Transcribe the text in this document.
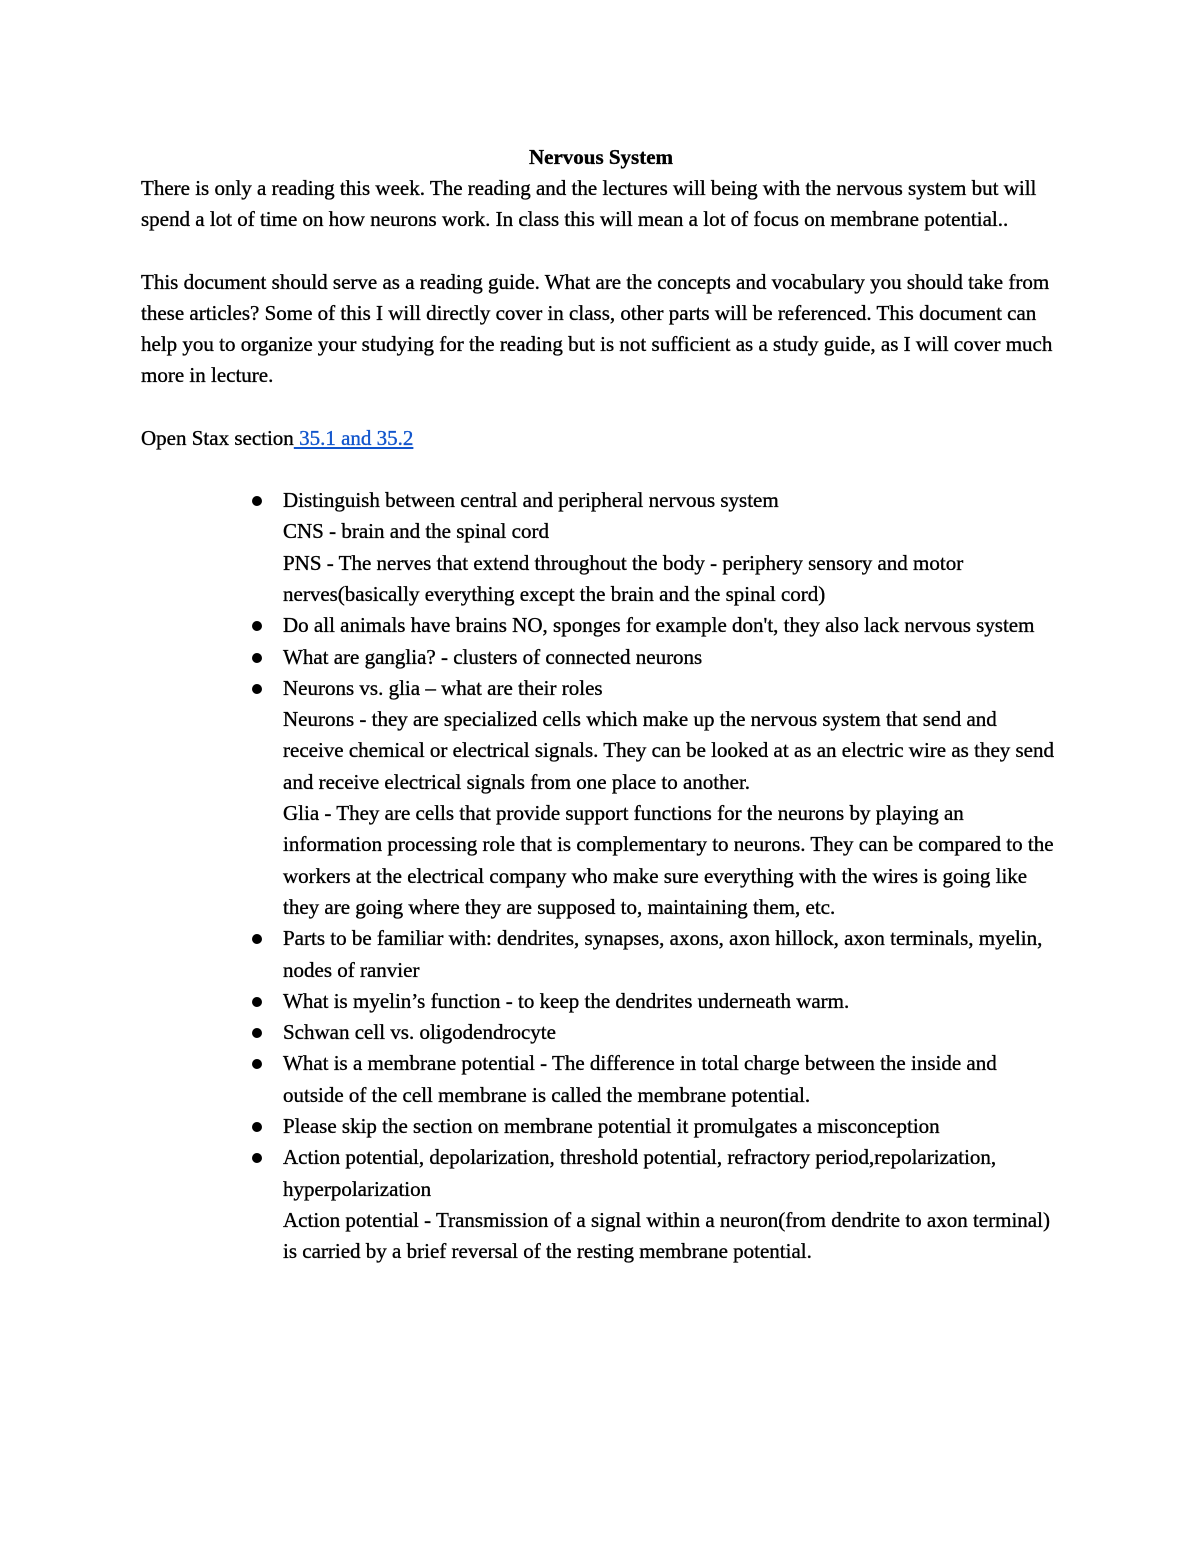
Nervous System

There is only a reading this week. The reading and the lectures will being with the nervous system but will spend a lot of time on how neurons work. In class this will mean a lot of focus on membrane potential..

This document should serve as a reading guide. What are the concepts and vocabulary you should take from these articles? Some of this I will directly cover in class, other parts will be referenced. This document can help you to organize your studying for the reading but is not sufficient as a study guide, as I will cover much more in lecture.

Open Stax section 35.1 and 35.2

Distinguish between central and peripheral nervous system
CNS - brain and the spinal cord
PNS - The nerves that extend throughout the body - periphery sensory and motor nerves(basically everything except the brain and the spinal cord)
Do all animals have brains NO, sponges for example don't, they also lack nervous system
What are ganglia? - clusters of connected neurons
Neurons vs. glia – what are their roles
Neurons - they are specialized cells which make up the nervous system that send and receive chemical or electrical signals. They can be looked at as an electric wire as they send and receive electrical signals from one place to another.
Glia - They are cells that provide support functions for the neurons by playing an information processing role that is complementary to neurons. They can be compared to the workers at the electrical company who make sure everything with the wires is going like they are going where they are supposed to, maintaining them, etc.
Parts to be familiar with: dendrites, synapses, axons, axon hillock, axon terminals, myelin, nodes of ranvier
What is myelin’s function - to keep the dendrites underneath warm.
Schwan cell vs. oligodendrocyte
What is a membrane potential - The difference in total charge between the inside and outside of the cell membrane is called the membrane potential.
Please skip the section on membrane potential it promulgates a misconception
Action potential, depolarization, threshold potential, refractory period,repolarization, hyperpolarization
Action potential - Transmission of a signal within a neuron(from dendrite to axon terminal) is carried by a brief reversal of the resting membrane potential.
